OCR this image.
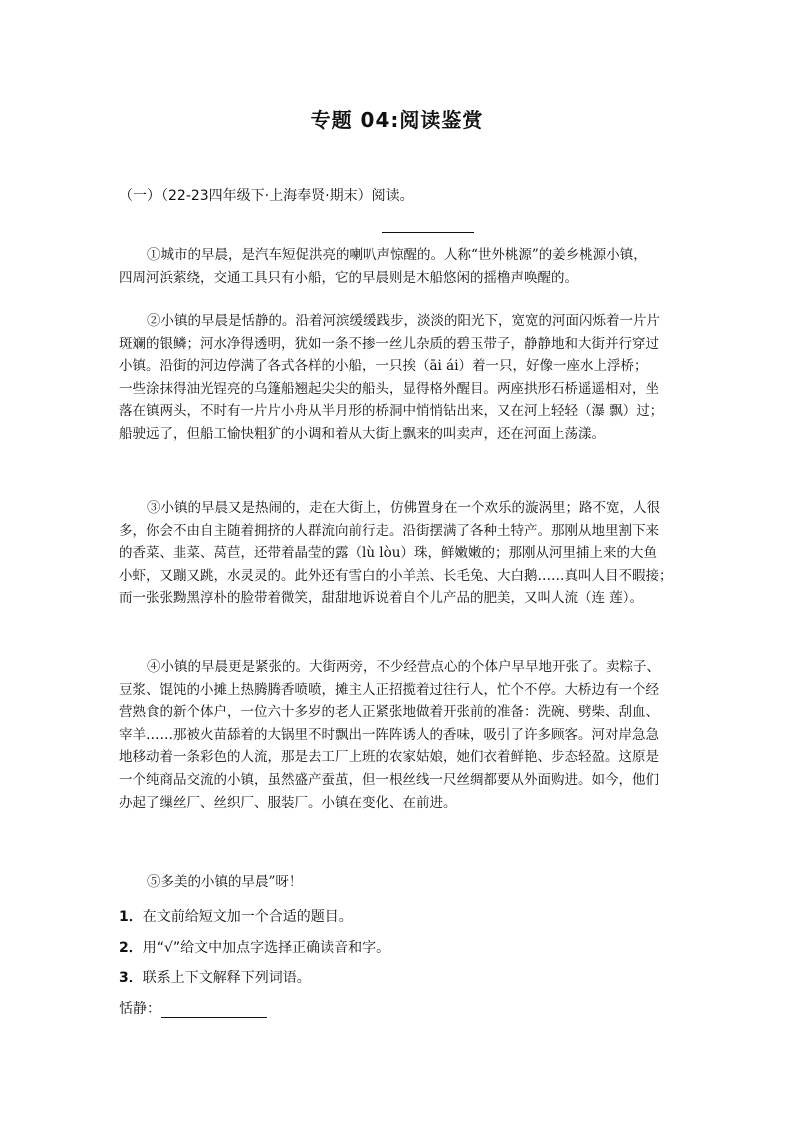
专题 04:阅读鉴赏
（一）（22-23四年级下·上海奉贤·期末）阅读。
①城市的早晨，是汽车短促洪亮的喇叭声惊醒的。人称“世外桃源”的姜乡桃源小镇，
四周河浜萦绕，交通工具只有小船，它的早晨则是木船悠闲的摇橹声唤醒的。
②小镇的早晨是恬静的。沿着河滨缓缓践步，淡淡的阳光下，宽宽的河面闪烁着一片片
斑斓的银鳞；河水净得透明，犹如一条不掺一丝儿杂质的碧玉带子，静静地和大街并行穿过
小镇。沿街的河边停满了各式各样的小船，一只挨（āi ái）着一只，好像一座水上浮桥；
一些涂抹得油光锃亮的乌篷船翘起尖尖的船头，显得格外醒目。两座拱形石桥遥遥相对，坐
落在镇两头，不时有一片片小舟从半月形的桥洞中悄悄钻出来，又在河上轻轻（瀑 飘）过；
船驶远了，但船工愉快粗犷的小调和着从大街上飘来的叫卖声，还在河面上荡漾。
③小镇的早晨又是热闹的，走在大街上，仿佛置身在一个欢乐的漩涡里；路不宽，人很
多，你会不由自主随着拥挤的人群流向前行走。沿街摆满了各种土特产。那刚从地里割下来
的香菜、韭菜、莴苣，还带着晶莹的露（lù lòu）珠，鲜嫩嫩的；那刚从河里捕上来的大鱼
小虾，又蹦又跳，水灵灵的。此外还有雪白的小羊羔、长毛兔、大白鹅……真叫人目不暇接；
而一张张黝黑淳朴的脸带着微笑，甜甜地诉说着自个儿产品的肥美，又叫人流（连 莲）。
④小镇的早晨更是紧张的。大街两旁，不少经营点心的个体户早早地开张了。卖粽子、
豆浆、馄饨的小摊上热腾腾香喷喷，摊主人正招揽着过往行人，忙个不停。大桥边有一个经
营熟食的新个体户，一位六十多岁的老人正紧张地做着开张前的准备：洗碗、劈柴、刮血、
宰羊……那被火苗舔着的大锅里不时飘出一阵阵诱人的香味，吸引了许多顾客。河对岸急急
地移动着一条彩色的人流，那是去工厂上班的农家姑娘，她们衣着鲜艳、步态轻盈。这原是
一个纯商品交流的小镇，虽然盛产蚕茧，但一根丝线一尺丝绸都要从外面购进。如今，他们
办起了缫丝厂、丝织厂、服装厂。小镇在变化、在前进。
⑤多美的小镇的早晨”呀！
1．在文前给短文加一个合适的题目。
2．用“√”给文中加点字选择正确读音和字。
3．联系上下文解释下列词语。
恬静：
